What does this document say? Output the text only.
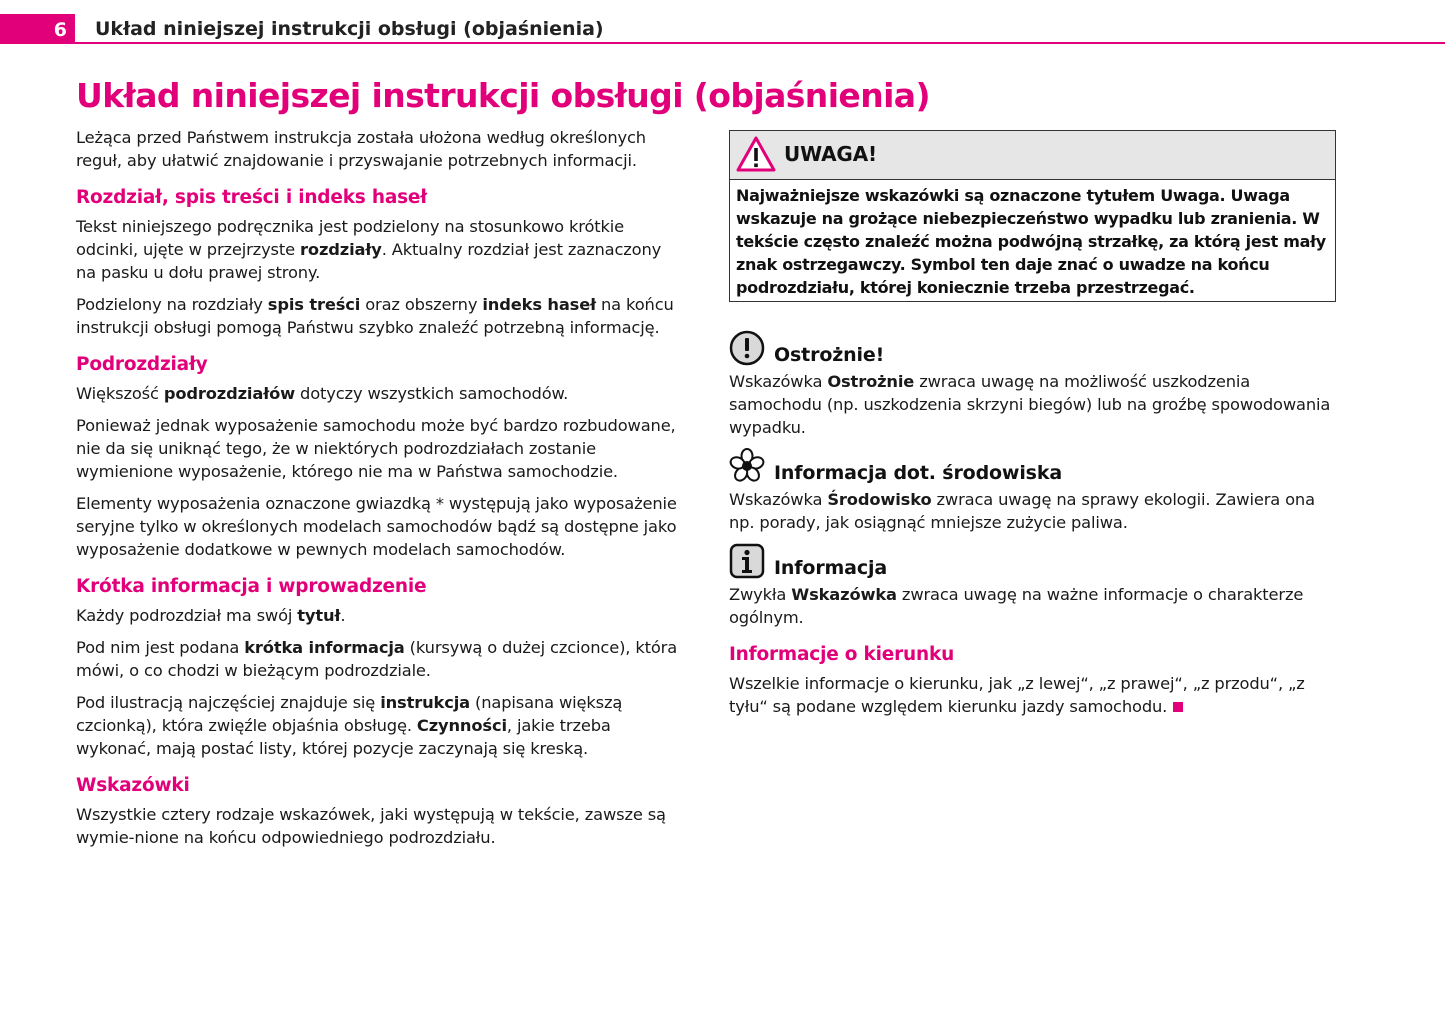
6	Układ niniejszej instrukcji obsługi (objaśnienia)
Układ niniejszej instrukcji obsługi (objaśnienia)

Leżąca przed Państwem instrukcja została ułożona według określonych reguł, aby ułatwić znajdowanie i przyswajanie potrzebnych informacji.

Rozdział, spis treści i indeks haseł

Tekst niniejszego podręcznika jest podzielony na stosunkowo krótkie odcinki, ujęte w przejrzyste rozdziały. Aktualny rozdział jest zaznaczony na pasku u dołu prawej strony.

Podzielony na rozdziały spis treści oraz obszerny indeks haseł na końcu instrukcji obsługi pomogą Państwu szybko znaleźć potrzebną informację.

Podrozdziały

Większość podrozdziałów dotyczy wszystkich samochodów.

Ponieważ jednak wyposażenie samochodu może być bardzo rozbudowane, nie da się uniknąć tego, że w niektórych podrozdziałach zostanie wymienione wyposażenie, którego nie ma w Państwa samochodzie.

Elementy wyposażenia oznaczone gwiazdką * występują jako wyposażenie seryjne tylko w określonych modelach samochodów bądź są dostępne jako wyposażenie dodatkowe w pewnych modelach samochodów.

Krótka informacja i wprowadzenie

Każdy podrozdział ma swój tytuł.

Pod nim jest podana krótka informacja (kursywą o dużej czcionce), która mówi, o co chodzi w bieżącym podrozdziale.

Pod ilustracją najczęściej znajduje się instrukcja (napisana większą czcionką), która zwięźle objaśnia obsługę. Czynności, jakie trzeba wykonać, mają postać listy, której pozycje zaczynają się kreską.

Wskazówki

Wszystkie cztery rodzaje wskazówek, jaki występują w tekście, zawsze są wymie-nione na końcu odpowiedniego podrozdziału.

UWAGA!
Najważniejsze wskazówki są oznaczone tytułem Uwaga. Uwaga wskazuje na grożące niebezpieczeństwo wypadku lub zranienia. W tekście często znaleźć można podwójną strzałkę, za którą jest mały znak ostrzegawczy. Symbol ten daje znać o uwadze na końcu podrozdziału, której koniecznie trzeba przestrzegać.
Ostrożnie!

Wskazówka Ostrożnie zwraca uwagę na możliwość uszkodzenia samochodu (np. uszkodzenia skrzyni biegów) lub na groźbę spowodowania wypadku.

Informacja dot. środowiska

Wskazówka Środowisko zwraca uwagę na sprawy ekologii. Zawiera ona np. porady, jak osiągnąć mniejsze zużycie paliwa.

Informacja

Zwykła Wskazówka zwraca uwagę na ważne informacje o charakterze ogólnym.

Informacje o kierunku

Wszelkie informacje o kierunku, jak „z lewej“, „z prawej“, „z przodu“, „z tyłu“ są podane względem kierunku jazdy samochodu.
